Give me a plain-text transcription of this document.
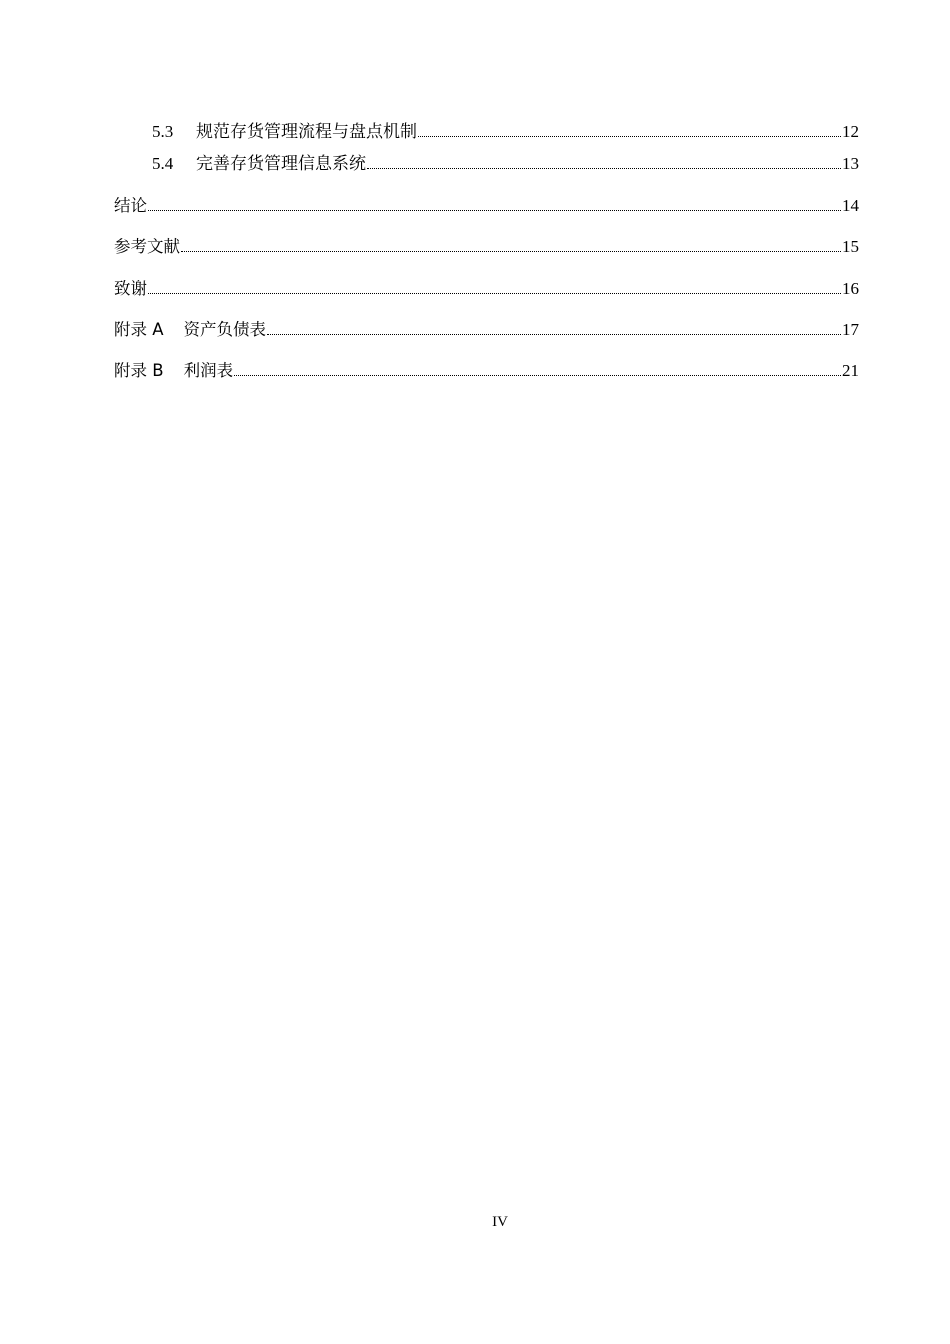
5.3	规范存货管理流程与盘点机制	12
5.4	完善存货管理信息系统	13
结论	14
参考文献	15
致谢	16
附录 A 资产负债表	17
附录 B 利润表	21
IV
